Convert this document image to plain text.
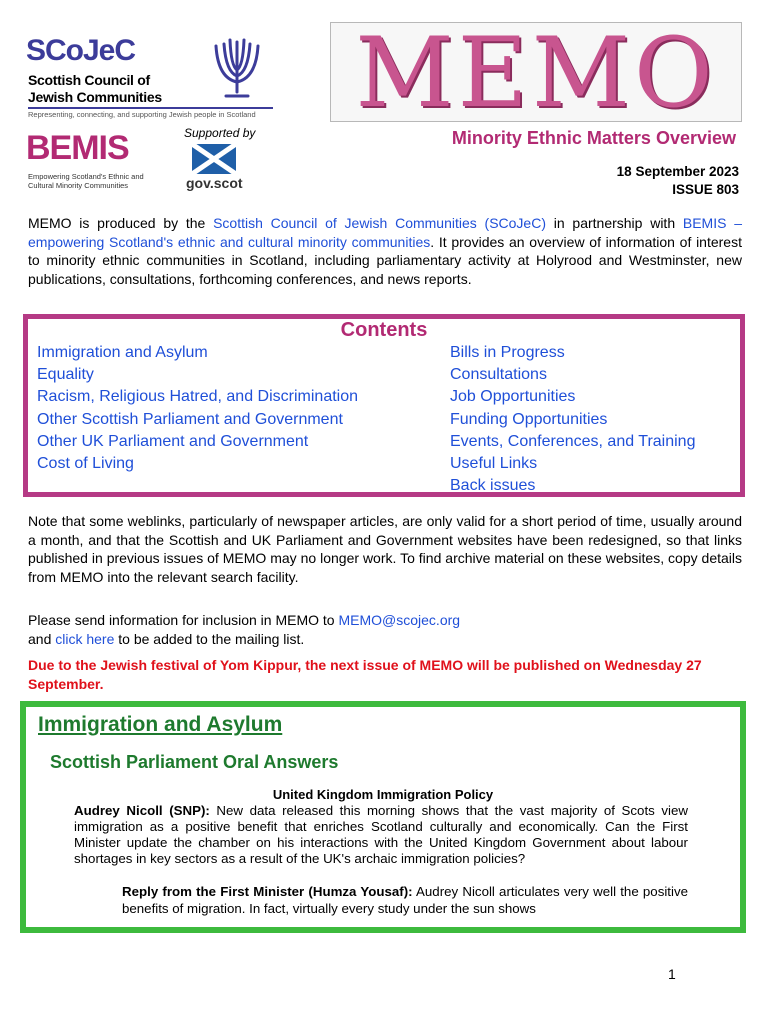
SCoJeC
Scottish Council of
Jewish Communities
Representing, connecting, and supporting Jewish people in Scotland
BEMIS
Empowering Scotland's Ethnic and
Cultural Minority Communities
Supported by
gov.scot
MEMO
Minority Ethnic Matters Overview
18 September 2023
ISSUE 803
MEMO is produced by the Scottish Council of Jewish Communities (SCoJeC) in partnership with BEMIS – empowering Scotland's ethnic and cultural minority communities. It provides an overview of information of interest to minority ethnic communities in Scotland, including parliamentary activity at Holyrood and Westminster, new publications, consultations, forthcoming conferences, and news reports.
Contents
Immigration and Asylum
Equality
Racism, Religious Hatred, and Discrimination
Other Scottish Parliament and Government
Other UK Parliament and Government
Cost of Living
Bills in Progress
Consultations
Job Opportunities
Funding Opportunities
Events, Conferences, and Training
Useful Links
Back issues
Note that some weblinks, particularly of newspaper articles, are only valid for a short period of time, usually around a month, and that the Scottish and UK Parliament and Government websites have been redesigned, so that links published in previous issues of MEMO may no longer work. To find archive material on these websites, copy details from MEMO into the relevant search facility.
Please send information for inclusion in MEMO to MEMO@scojec.org
and click here to be added to the mailing list.
Due to the Jewish festival of Yom Kippur, the next issue of MEMO will be published on Wednesday 27 September.
Immigration and Asylum
Scottish Parliament Oral Answers
United Kingdom Immigration Policy
Audrey Nicoll (SNP): New data released this morning shows that the vast majority of Scots view immigration as a positive benefit that enriches Scotland culturally and economically. Can the First Minister update the chamber on his interactions with the United Kingdom Government about labour shortages in key sectors as a result of the UK's archaic immigration policies?
Reply from the First Minister (Humza Yousaf): Audrey Nicoll articulates very well the positive benefits of migration. In fact, virtually every study under the sun shows
1
